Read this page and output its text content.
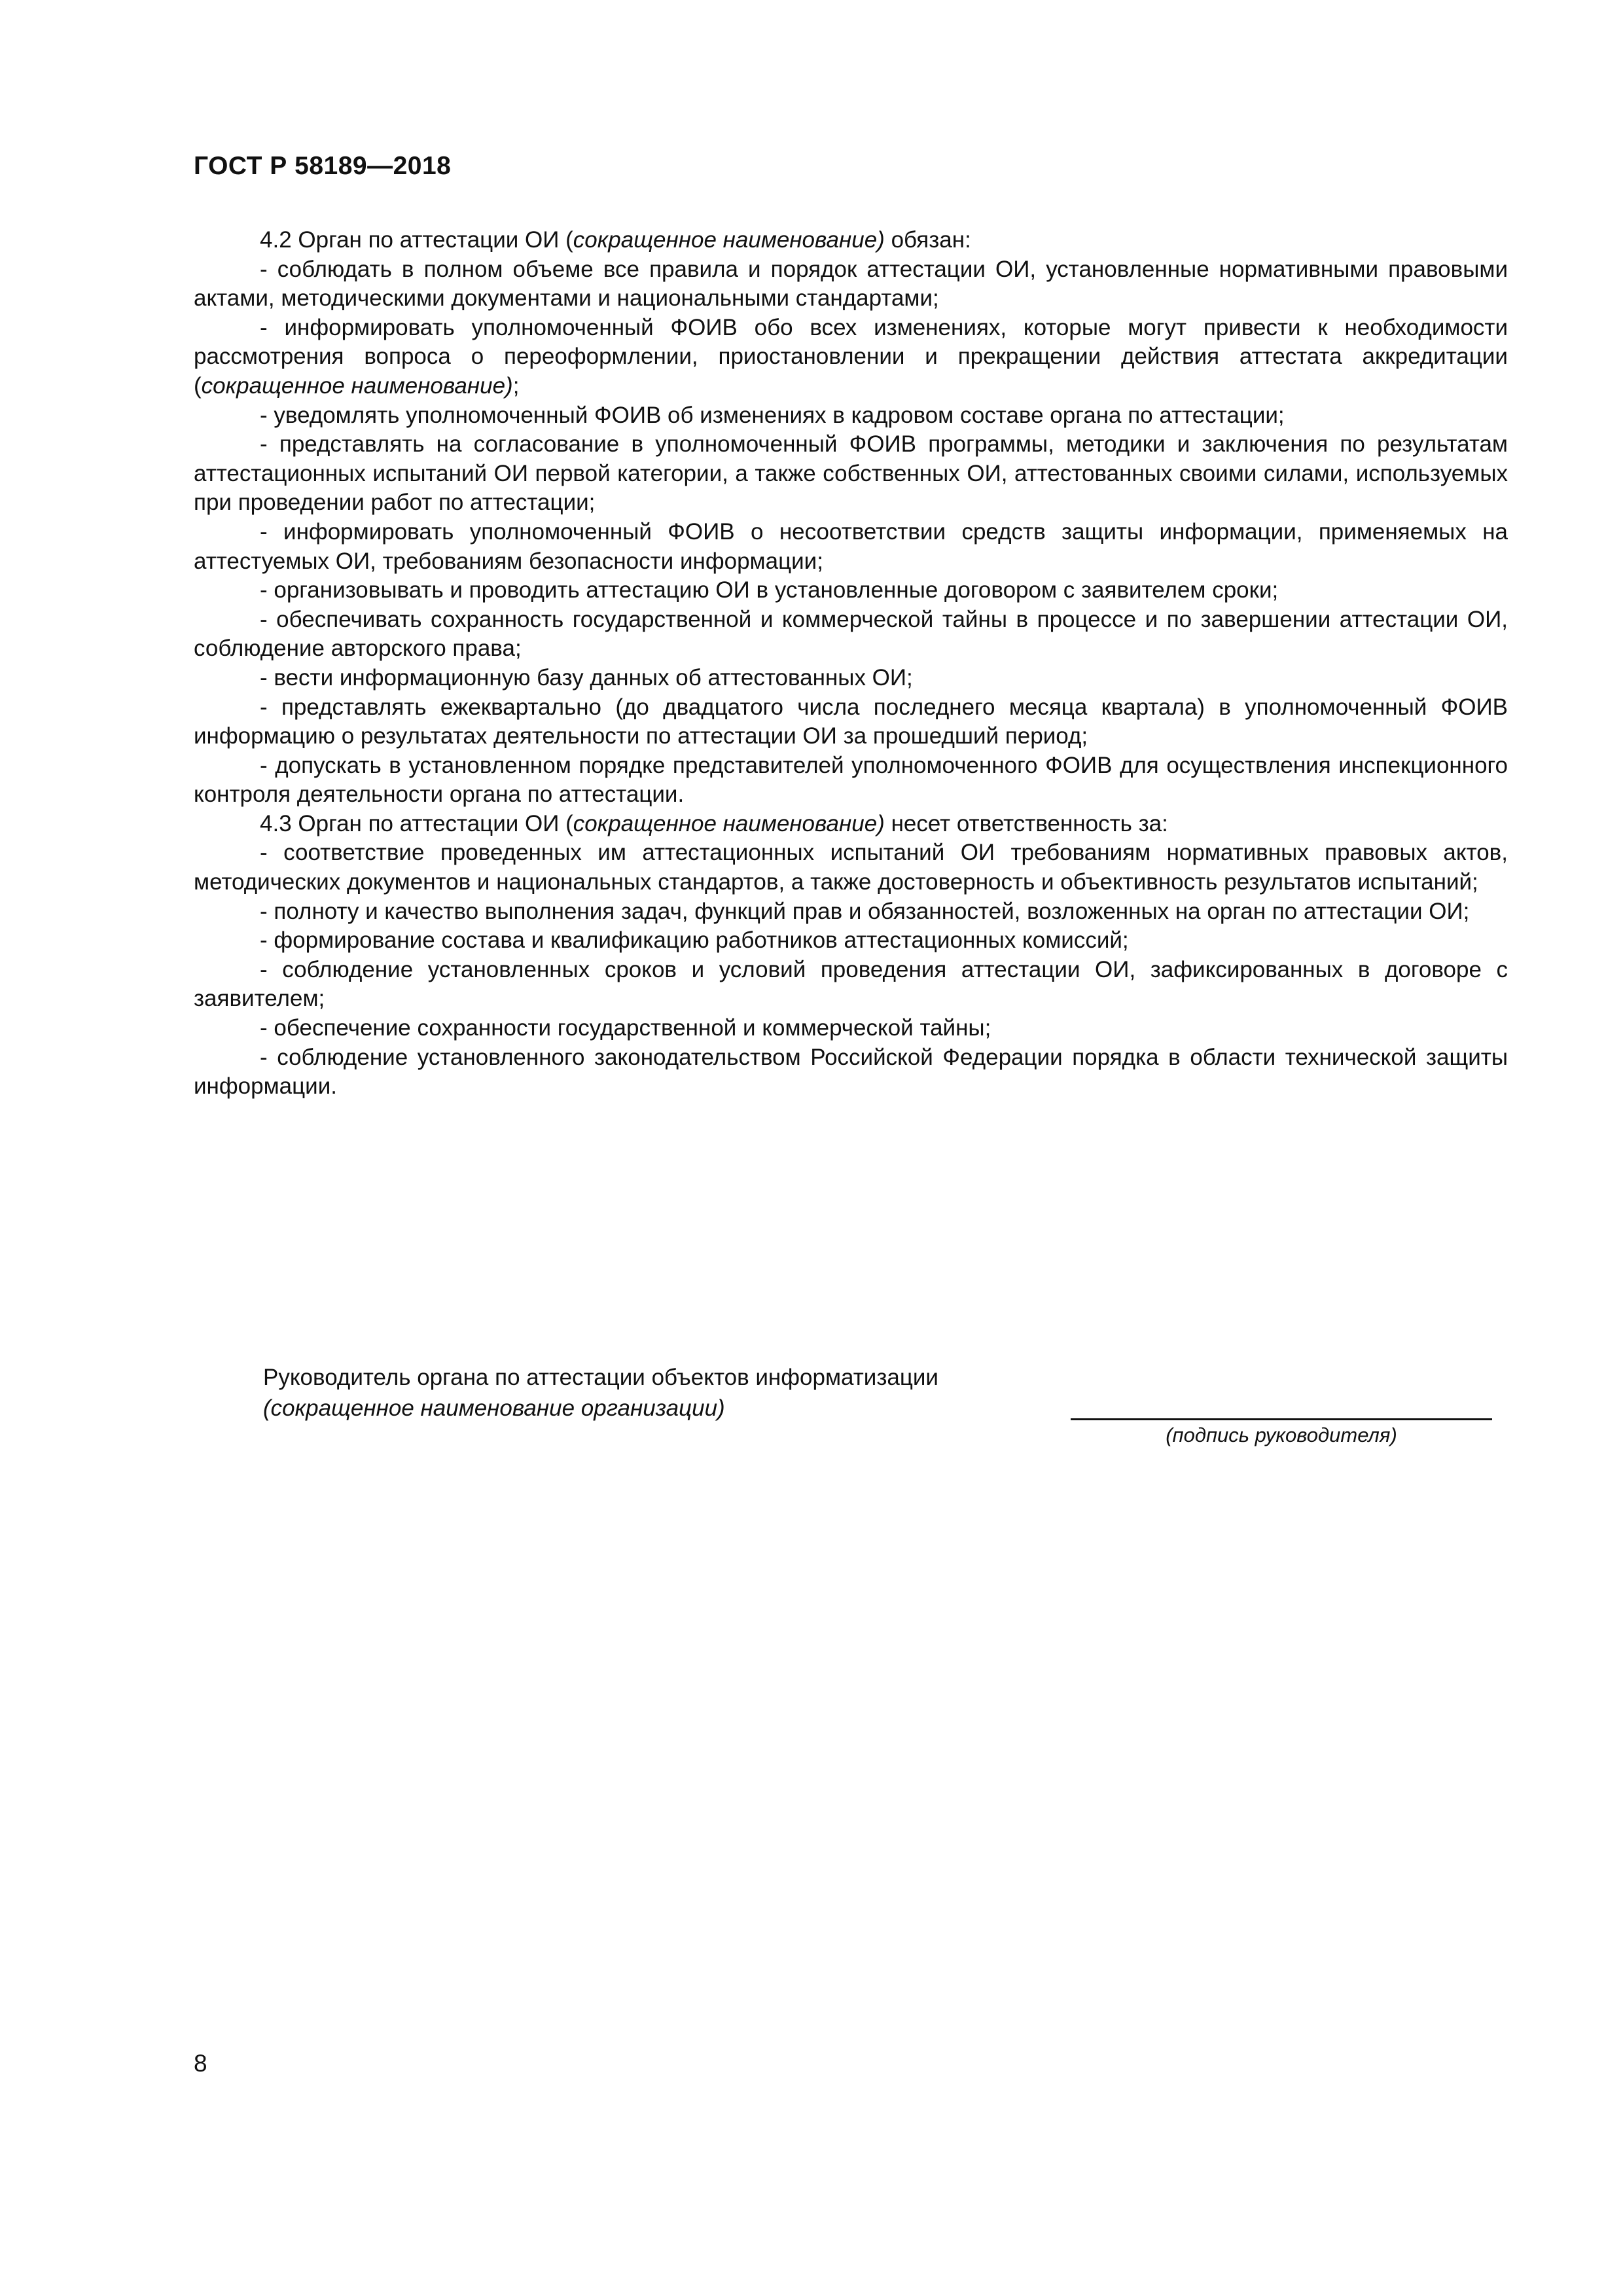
ГОСТ Р 58189—2018

4.2 Орган по аттестации ОИ (сокращенное наименование) обязан:

- соблюдать в полном объеме все правила и порядок аттестации ОИ, установленные нормативными правовыми актами, методическими документами и национальными стандартами;

- информировать уполномоченный ФОИВ обо всех изменениях, которые могут привести к необходимости рассмотрения вопроса о переоформлении, приостановлении и прекращении действия аттестата аккредитации (сокращенное наименование);

- уведомлять уполномоченный ФОИВ об изменениях в кадровом составе органа по аттестации;

- представлять на согласование в уполномоченный ФОИВ программы, методики и заключения по результатам аттестационных испытаний ОИ первой категории, а также собственных ОИ, аттестованных своими силами, используемых при проведении работ по аттестации;

- информировать уполномоченный ФОИВ о несоответствии средств защиты информации, применяемых на аттестуемых ОИ, требованиям безопасности информации;

- организовывать и проводить аттестацию ОИ в установленные договором с заявителем сроки;

- обеспечивать сохранность государственной и коммерческой тайны в процессе и по завершении аттестации ОИ, соблюдение авторского права;

- вести информационную базу данных об аттестованных ОИ;

- представлять ежеквартально (до двадцатого числа последнего месяца квартала) в уполномоченный ФОИВ информацию о результатах деятельности по аттестации ОИ за прошедший период;

- допускать в установленном порядке представителей уполномоченного ФОИВ для осуществления инспекционного контроля деятельности органа по аттестации.

4.3 Орган по аттестации ОИ (сокращенное наименование) несет ответственность за:

- соответствие проведенных им аттестационных испытаний ОИ требованиям нормативных правовых актов, методических документов и национальных стандартов, а также достоверность и объективность результатов испытаний;

- полноту и качество выполнения задач, функций прав и обязанностей, возложенных на орган по аттестации ОИ;

- формирование состава и квалификацию работников аттестационных комиссий;

- соблюдение установленных сроков и условий проведения аттестации ОИ, зафиксированных в договоре с заявителем;

- обеспечение сохранности государственной и коммерческой тайны;

- соблюдение установленного законодательством Российской Федерации порядка в области технической защиты информации.

Руководитель органа по аттестации объектов информатизации
(сокращенное наименование организации)
(подпись руководителя)
8
